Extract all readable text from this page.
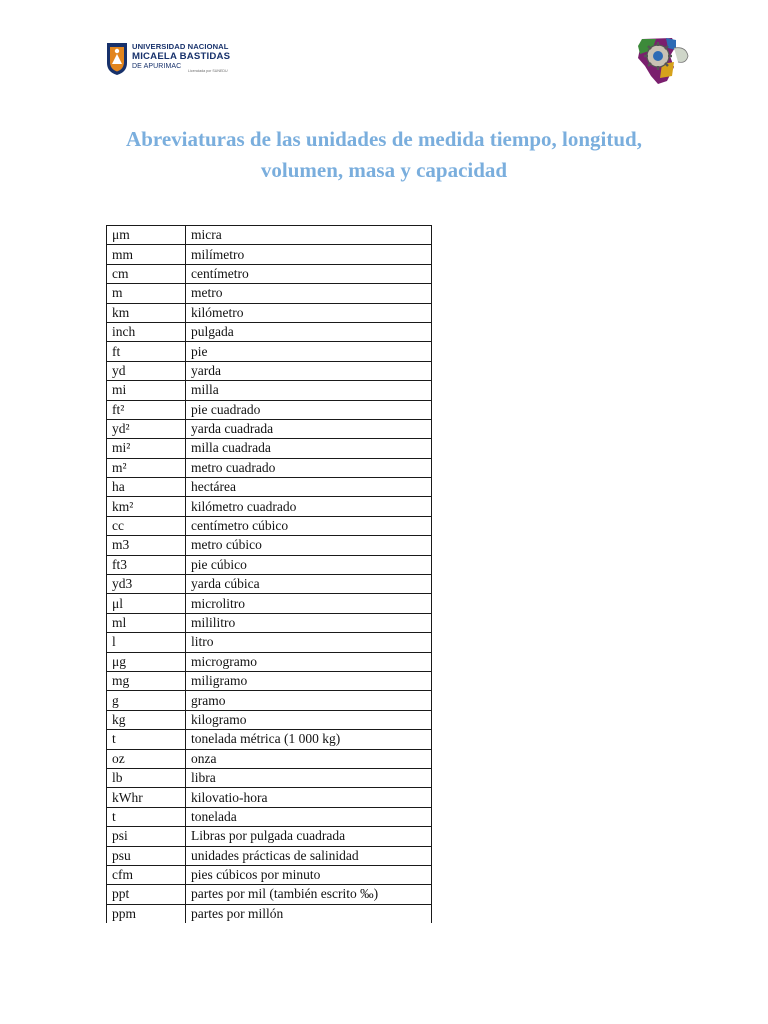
UNIVERSIDAD NACIONAL
MICAELA BASTIDAS
DE APURIMAC
Licenciada por SUNEDU
Abreviaturas de las unidades de medida tiempo, longitud, volumen, masa y capacidad
μm	micra
mm	milímetro
cm	centímetro
m	metro
km	kilómetro
inch	pulgada
ft	pie
yd	yarda
mi	milla
ft²	pie cuadrado
yd²	yarda cuadrada
mi²	milla cuadrada
m²	metro cuadrado
ha	hectárea
km²	kilómetro cuadrado
cc	centímetro cúbico
m3	metro cúbico
ft3	pie cúbico
yd3	yarda cúbica
μl	microlitro
ml	mililitro
l	litro
μg	microgramo
mg	miligramo
g	gramo
kg	kilogramo
t	tonelada métrica (1 000 kg)
oz	onza
lb	libra
kWhr	kilovatio-hora
t	tonelada
psi	Libras por pulgada cuadrada
psu	unidades prácticas de salinidad
cfm	pies cúbicos por minuto
ppt	partes por mil (también escrito ‰)
ppm	partes por millón
